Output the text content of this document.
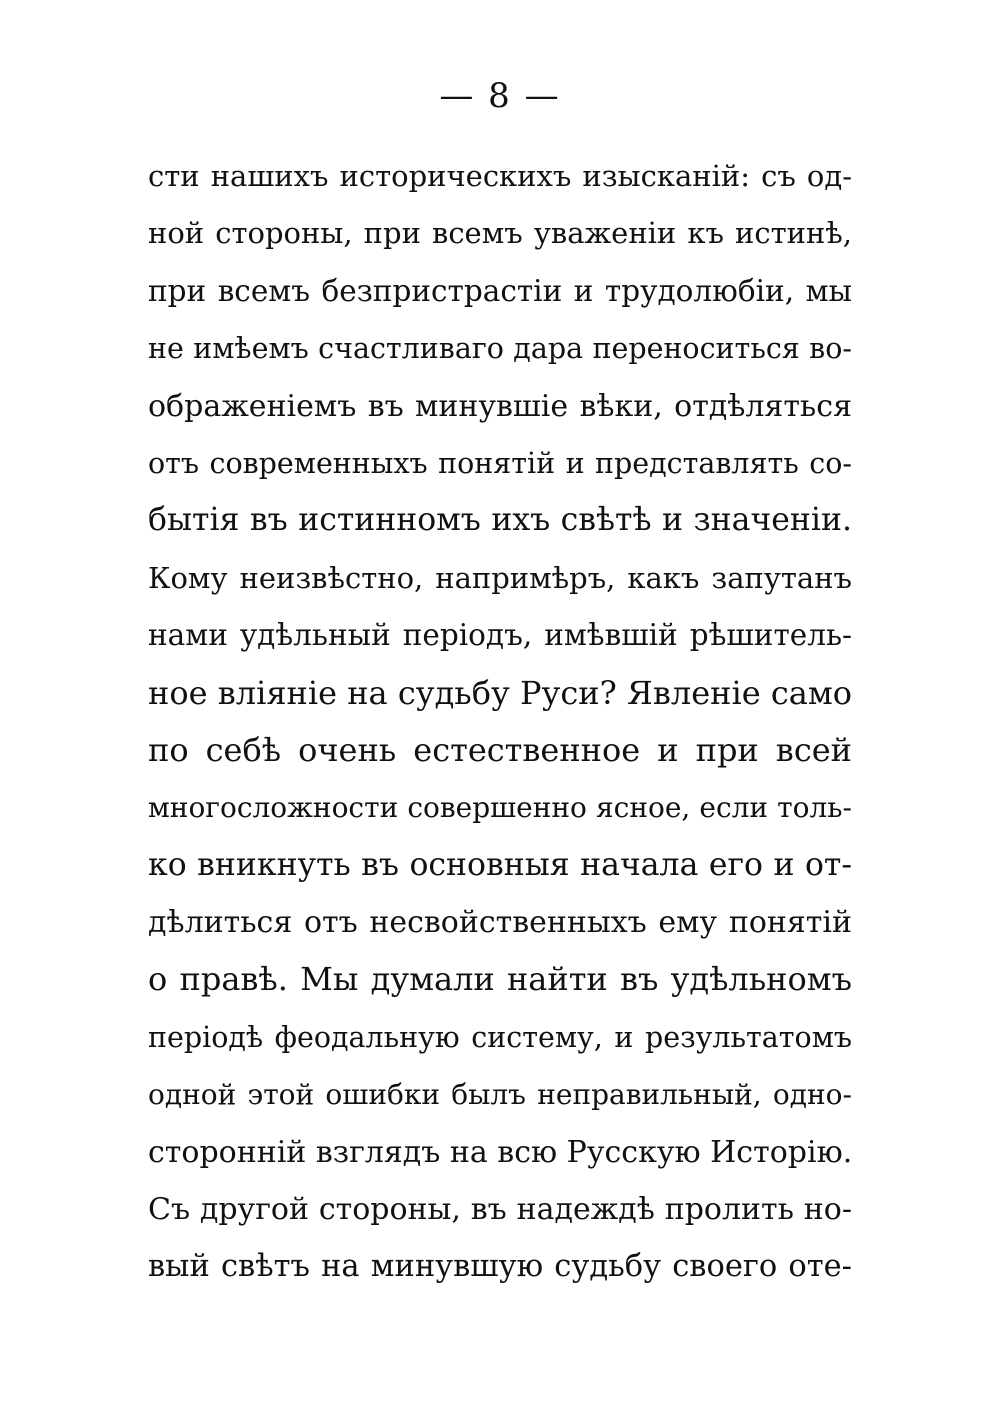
— 8 —
сти нашихъ историческихъ изысканій: съ од-
ной стороны, при всемъ уваженіи къ истинѣ,
при всемъ безпристрастіи и трудолюбіи, мы
не имѣемъ счастливаго дара переноситься во-
ображеніемъ въ минувшіе вѣки, отдѣляться
отъ современныхъ понятій и представлять со-
бытія въ истинномъ ихъ свѣтѣ и значеніи.
Кому неизвѣстно, напримѣръ, какъ запутанъ
нами удѣльный періодъ, имѣвшій рѣшитель-
ное вліяніе на судьбу Руси? Явленіе само
по себѣ очень естественное и при всей
многосложности совершенно ясное, если толь-
ко вникнуть въ основныя начала его и от-
дѣлиться отъ несвойственныхъ ему понятій
о правѣ. Мы думали найти въ удѣльномъ
періодѣ феодальную систему, и результатомъ
одной этой ошибки былъ неправильный, одно-
сторонній взглядъ на всю Русскую Исторію.
Съ другой стороны, въ надеждѣ пролить но-
вый свѣтъ на минувшую судьбу своего оте-
